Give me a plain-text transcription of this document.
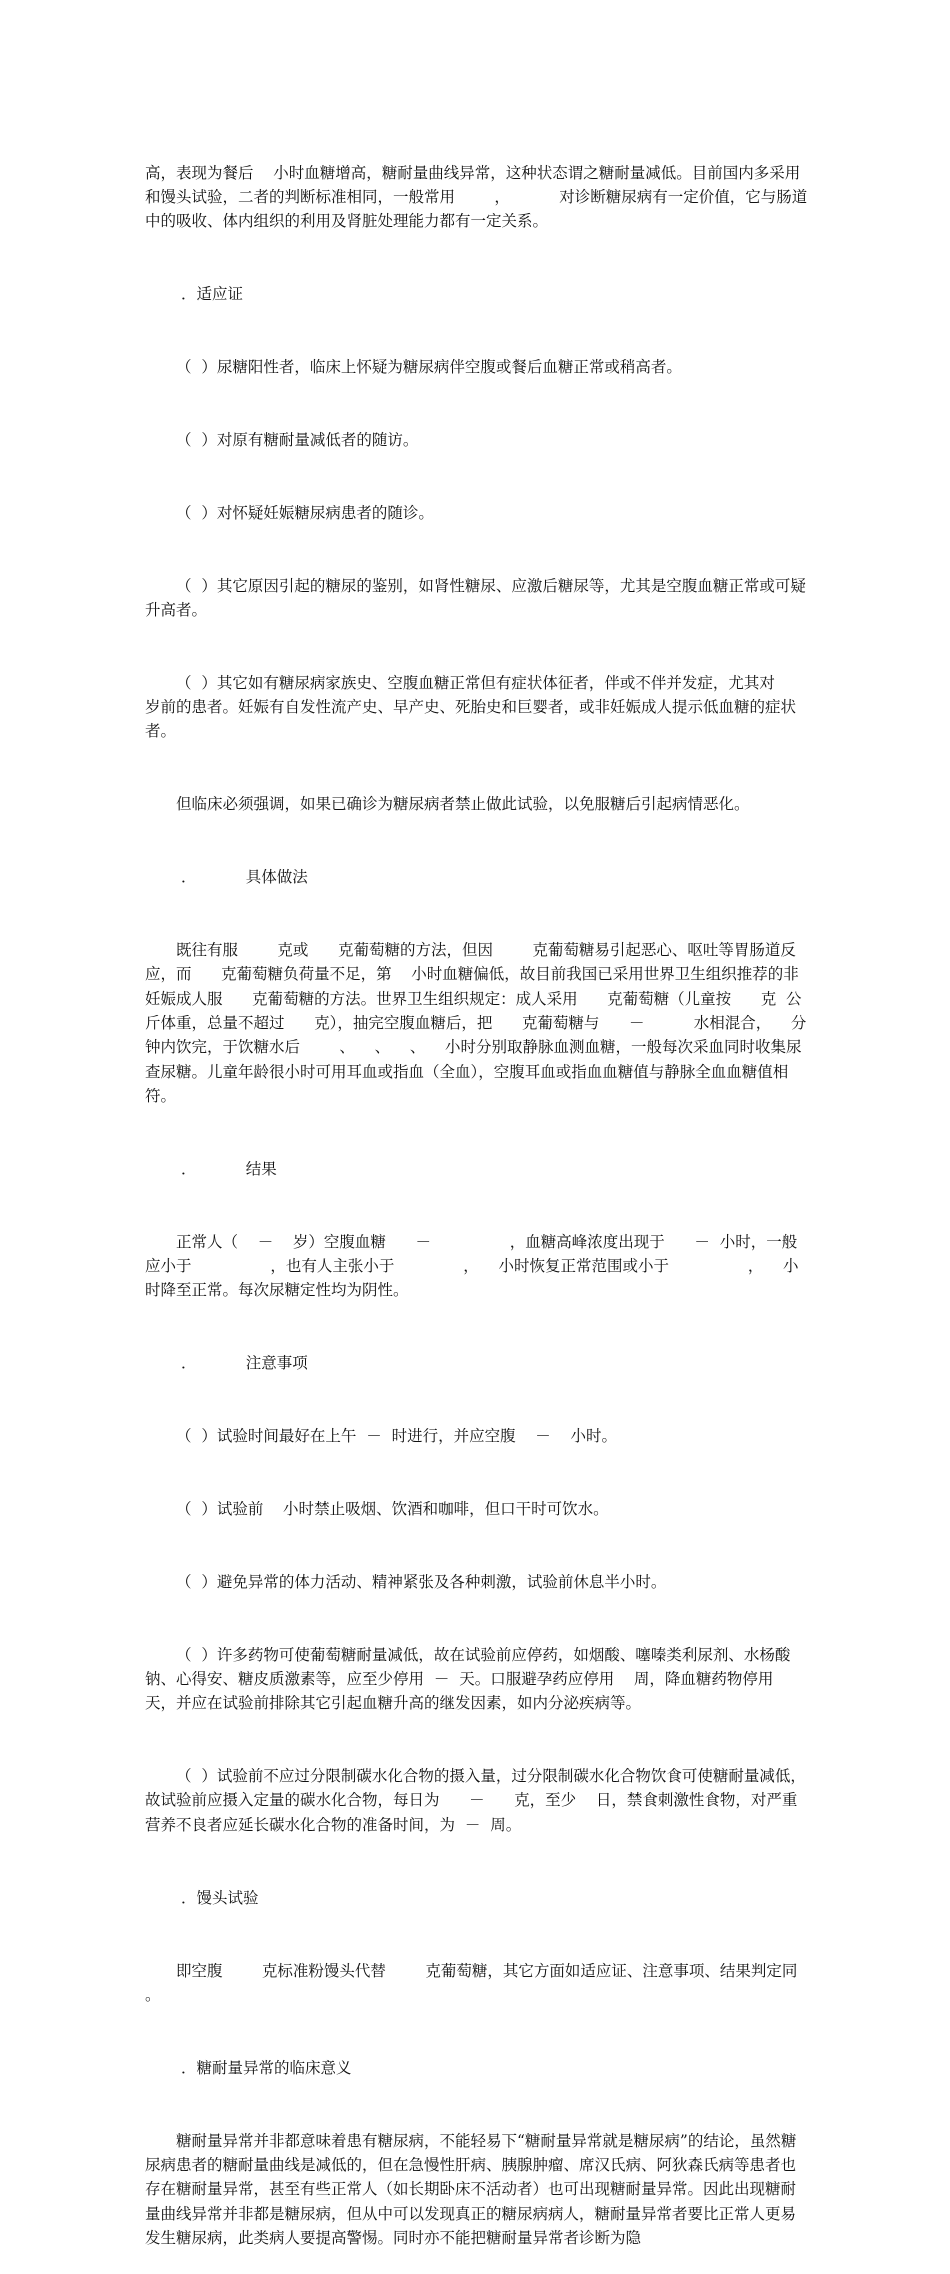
高，表现为餐后    小时血糖增高，糖耐量曲线异常，这种状态谓之糖耐量减低。目前国内多采用          和馒头试验，二者的判断标准相同，一般常用        ，          对诊断糖尿病有一定价值，它与肠道中的吸收、体内组织的利用及肾脏处理能力都有一定关系。

．适应证

（  ）尿糖阳性者，临床上怀疑为糖尿病伴空腹或餐后血糖正常或稍高者。

（  ）对原有糖耐量减低者的随访。

（  ）对怀疑妊娠糖尿病患者的随诊。

（  ）其它原因引起的糖尿的鉴别，如肾性糖尿、应激后糖尿等，尤其是空腹血糖正常或可疑升高者。

（  ）其它如有糖尿病家族史、空腹血糖正常但有症状体征者，伴或不伴并发症，尤其对      岁前的患者。妊娠有自发性流产史、早产史、死胎史和巨婴者，或非妊娠成人提示低血糖的症状者。

但临床必须强调，如果已确诊为糖尿病者禁止做此试验，以免服糖后引起病情恶化。

．          具体做法

既往有服        克或      克葡萄糖的方法，但因        克葡萄糖易引起恶心、呕吐等胃肠道反应，而      克葡萄糖负荷量不足，第    小时血糖偏低，故目前我国已采用世界卫生组织推荐的非妊娠成人服      克葡萄糖的方法。世界卫生组织规定：成人采用      克葡萄糖（儿童按      克  公斤体重，总量不超过      克），抽完空腹血糖后，把      克葡萄糖与      －          水相混合，    分钟内饮完，于饮糖水后        、    、    、    小时分别取静脉血测血糖，一般每次采血同时收集尿查尿糖。儿童年龄很小时可用耳血或指血（全血），空腹耳血或指血血糖值与静脉全血血糖值相符。

．          结果

正常人（    －    岁）空腹血糖      －                ，血糖高峰浓度出现于      －  小时，一般应小于                ，也有人主张小于              ，    小时恢复正常范围或小于                ，    小时降至正常。每次尿糖定性均为阴性。

．          注意事项

（  ）试验时间最好在上午  －  时进行，并应空腹    －    小时。

（  ）试验前    小时禁止吸烟、饮酒和咖啡，但口干时可饮水。

（  ）避免异常的体力活动、精神紧张及各种刺激，试验前休息半小时。

（  ）许多药物可使葡萄糖耐量减低，故在试验前应停药，如烟酸、噻嗪类利尿剂、水杨酸钠、心得安、糖皮质激素等，应至少停用  －  天。口服避孕药应停用    周，降血糖药物停用    天，并应在试验前排除其它引起血糖升高的继发因素，如内分泌疾病等。

（  ）试验前不应过分限制碳水化合物的摄入量，过分限制碳水化合物饮食可使糖耐量减低，故试验前应摄入定量的碳水化合物，每日为      －      克，至少    日，禁食刺激性食物，对严重营养不良者应延长碳水化合物的准备时间，为  －  周。

．馒头试验

即空腹        克标准粉馒头代替        克葡萄糖，其它方面如适应证、注意事项、结果判定同          。

．糖耐量异常的临床意义

糖耐量异常并非都意味着患有糖尿病，不能轻易下“糖耐量异常就是糖尿病”的结论，虽然糖尿病患者的糖耐量曲线是减低的，但在急慢性肝病、胰腺肿瘤、席汉氏病、阿狄森氏病等患者也存在糖耐量异常，甚至有些正常人（如长期卧床不活动者）也可出现糖耐量异常。因此出现糖耐量曲线异常并非都是糖尿病，但从中可以发现真正的糖尿病病人，糖耐量异常者要比正常人更易发生糖尿病，此类病人要提高警惕。同时亦不能把糖耐量异常者诊断为隐
